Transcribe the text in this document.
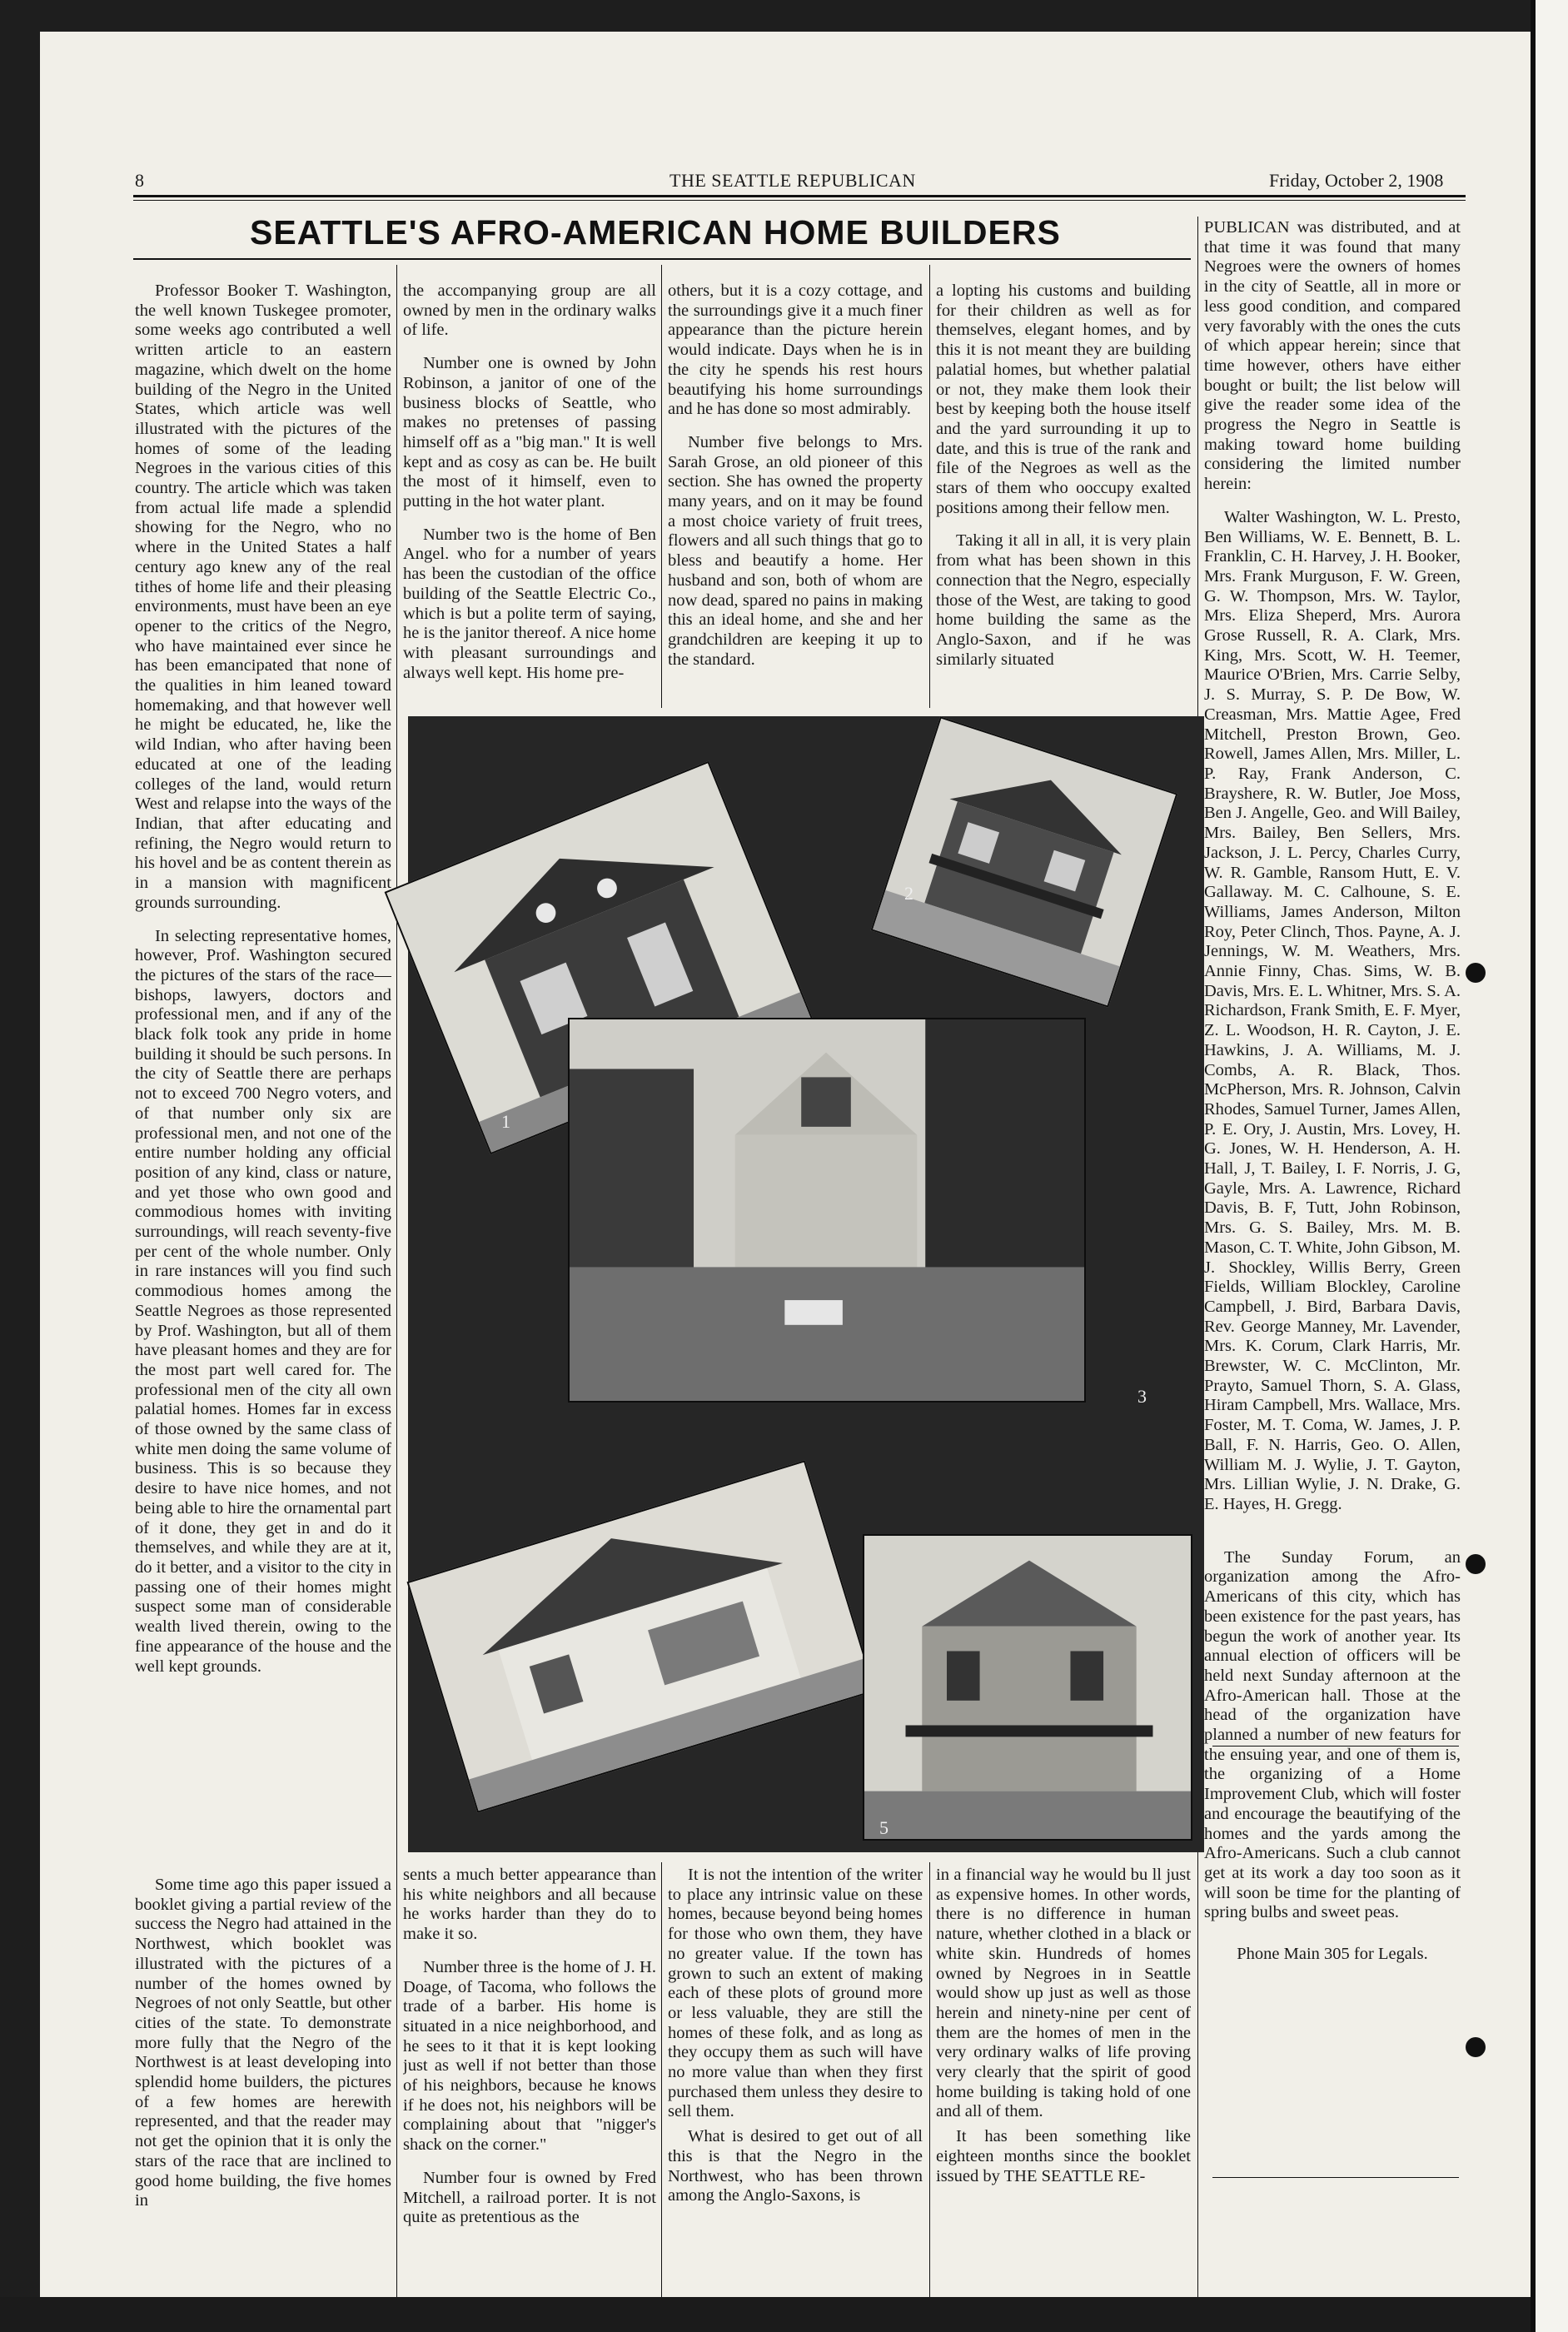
8	THE SEATTLE REPUBLICAN	Friday, October 2, 1908
SEATTLE'S AFRO-AMERICAN HOME BUILDERS

Professor Booker T. Washington, the well known Tuskegee promoter, some weeks ago contributed a well written article to an eastern magazine, which dwelt on the home building of the Negro in the United States, which article was well illustrated with the pictures of the homes of some of the leading Negroes in the various cities of this country. The article which was taken from actual life made a splendid showing for the Negro, who no where in the United States a half century ago knew any of the real tithes of home life and their pleasing environments, must have been an eye opener to the critics of the Negro, who have maintained ever since he has been emancipated that none of the qualities in him leaned toward homemaking, and that however well he might be educated, he, like the wild Indian, who after having been educated at one of the leading colleges of the land, would return West and relapse into the ways of the Indian, that after educating and refining, the Negro would return to his hovel and be as content therein as in a mansion with magnificent grounds surrounding.

In selecting representative homes, however, Prof. Washington secured the pictures of the stars of the race—bishops, lawyers, doctors and professional men, and if any of the black folk took any pride in home building it should be such persons. In the city of Seattle there are perhaps not to exceed 700 Negro voters, and of that number only six are professional men, and not one of the entire number holding any official position of any kind, class or nature, and yet those who own good and commodious homes with inviting surroundings, will reach seventy-five per cent of the whole number. Only in rare instances will you find such commodious homes among the Seattle Negroes as those represented by Prof. Washington, but all of them have pleasant homes and they are for the most part well cared for. The professional men of the city all own palatial homes. Homes far in excess of those owned by the same class of white men doing the same volume of business. This is so because they desire to have nice homes, and not being able to hire the ornamental part of it done, they get in and do it themselves, and while they are at it, do it better, and a visitor to the city in passing one of their homes might suspect some man of considerable wealth lived therein, owing to the fine appearance of the house and the well kept grounds.

the accompanying group are all owned by men in the ordinary walks of life.

Number one is owned by John Robinson, a janitor of one of the business blocks of Seattle, who makes no pretenses of passing himself off as a "big man." It is well kept and as cosy as can be. He built the most of it himself, even to putting in the hot water plant.

Number two is the home of Ben Angel. who for a number of years has been the custodian of the office building of the Seattle Electric Co., which is but a polite term of saying, he is the janitor thereof. A nice home with pleasant surroundings and always well kept. His home pre-

others, but it is a cozy cottage, and the surroundings give it a much finer appearance than the picture herein would indicate. Days when he is in the city he spends his rest hours beautifying his home surroundings and he has done so most admirably.

Number five belongs to Mrs. Sarah Grose, an old pioneer of this section. She has owned the property many years, and on it may be found a most choice variety of fruit trees, flowers and all such things that go to bless and beautify a home. Her husband and son, both of whom are now dead, spared no pains in making this an ideal home, and she and her grandchildren are keeping it up to the standard.

a lopting his customs and building for their children as well as for themselves, elegant homes, and by this it is not meant they are building palatial homes, but whether palatial or not, they make them look their best by keeping both the house itself and the yard surrounding it up to date, and this is true of the rank and file of the Negroes as well as the stars of them who ooccupy exalted positions among their fellow men.

Taking it all in all, it is very plain from what has been shown in this connection that the Negro, especially those of the West, are taking to good home building the same as the Anglo-Saxon, and if he was similarly situated

PUBLICAN was distributed, and at that time it was found that many Negroes were the owners of homes in the city of Seattle, all in more or less good condition, and compared very favorably with the ones the cuts of which appear herein; since that time however, others have either bought or built; the list below will give the reader some idea of the progress the Negro in Seattle is making toward home building considering the limited number herein:

Walter Washington, W. L. Presto, Ben Williams, W. E. Bennett, B. L. Franklin, C. H. Harvey, J. H. Booker, Mrs. Frank Murguson, F. W. Green, G. W. Thompson, Mrs. W. Taylor, Mrs. Eliza Sheperd, Mrs. Aurora Grose Russell, R. A. Clark, Mrs. King, Mrs. Scott, W. H. Teemer, Maurice O'Brien, Mrs. Carrie Selby, J. S. Murray, S. P. De Bow, W. Creasman, Mrs. Mattie Agee, Fred Mitchell, Preston Brown, Geo. Rowell, James Allen, Mrs. Miller, L. P. Ray, Frank Anderson, C. Brayshere, R. W. Butler, Joe Moss, Ben J. Angelle, Geo. and Will Bailey, Mrs. Bailey, Ben Sellers, Mrs. Jackson, J. L. Percy, Charles Curry, W. R. Gamble, Ransom Hutt, E. V. Gallaway. M. C. Calhoune, S. E. Williams, James Anderson, Milton Roy, Peter Clinch, Thos. Payne, A. J. Jennings, W. M. Weathers, Mrs. Annie Finny, Chas. Sims, W. B. Davis, Mrs. E. L. Whitner, Mrs. S. A. Richardson, Frank Smith, E. F. Myer, Z. L. Woodson, H. R. Cayton, J. E. Hawkins, J. A. Williams, M. J. Combs, A. R. Black, Thos. McPherson, Mrs. R. Johnson, Calvin Rhodes, Samuel Turner, James Allen, P. E. Ory, J. Austin, Mrs. Lovey, H. G. Jones, W. H. Henderson, A. H. Hall, J, T. Bailey, I. F. Norris, J. G, Gayle, Mrs. A. Lawrence, Richard Davis, B. F, Tutt, John Robinson, Mrs. G. S. Bailey, Mrs. M. B. Mason, C. T. White, John Gibson, M. J. Shockley, Willis Berry, Green Fields, William Blockley, Caroline Campbell, J. Bird, Barbara Davis, Rev. George Manney, Mr. Lavender, Mrs. K. Corum, Clark Harris, Mr. Brewster, W. C. McClinton, Mr. Prayto, Samuel Thorn, S. A. Glass, Hiram Campbell, Mrs. Wallace, Mrs. Foster, M. T. Coma, W. James, J. P. Ball, F. N. Harris, Geo. O. Allen, William M. J. Wylie, J. T. Gayton, Mrs. Lillian Wylie, J. N. Drake, G. E. Hayes, H. Gregg.

The Sunday Forum, an organization among the Afro-Americans of this city, which has been existence for the past years, has begun the work of another year. Its annual election of officers will be held next Sunday afternoon at the Afro-American hall. Those at the head of the organization have planned a number of new featurs for the ensuing year, and one of them is, the organizing of a Home Improvement Club, which will foster and encourage the beautifying of the homes and the yards among the Afro-Americans. Such a club cannot get at its work a day too soon as it will soon be time for the planting of spring bulbs and sweet peas.

Phone Main 305 for Legals.

Some time ago this paper issued a booklet giving a partial review of the success the Negro had attained in the Northwest, which booklet was illustrated with the pictures of a number of the homes owned by Negroes of not only Seattle, but other cities of the state. To demonstrate more fully that the Negro of the Northwest is at least developing into splendid home builders, the pictures of a few homes are herewith represented, and that the reader may not get the opinion that it is only the stars of the race that are inclined to good home building, the five homes in

sents a much better appearance than his white neighbors and all because he works harder than they do to make it so.

Number three is the home of J. H. Doage, of Tacoma, who follows the trade of a barber. His home is situated in a nice neighborhood, and he sees to it that it is kept looking just as well if not better than those of his neighbors, because he knows if he does not, his neighbors will be complaining about that "nigger's shack on the corner."

Number four is owned by Fred Mitchell, a railroad porter. It is not quite as pretentious as the

It is not the intention of the writer to place any intrinsic value on these homes, because beyond being homes for those who own them, they have no greater value. If the town has grown to such an extent of making each of these plots of ground more or less valuable, they are still the homes of these folk, and as long as they occupy them as such will have no more value than when they first purchased them unless they desire to sell them.

What is desired to get out of all this is that the Negro in the Northwest, who has been thrown among the Anglo-Saxons, is

in a financial way he would bu ll just as expensive homes. In other words, there is no difference in human nature, whether clothed in a black or white skin. Hundreds of homes owned by Negroes in in Seattle would show up just as well as those herein and ninety-nine per cent of them are the homes of men in the very ordinary walks of life proving very clearly that the spirit of good home building is taking hold of one and all of them.

It has been something like eighteen months since the booklet issued by THE SEATTLE RE-

1
2
3
5
